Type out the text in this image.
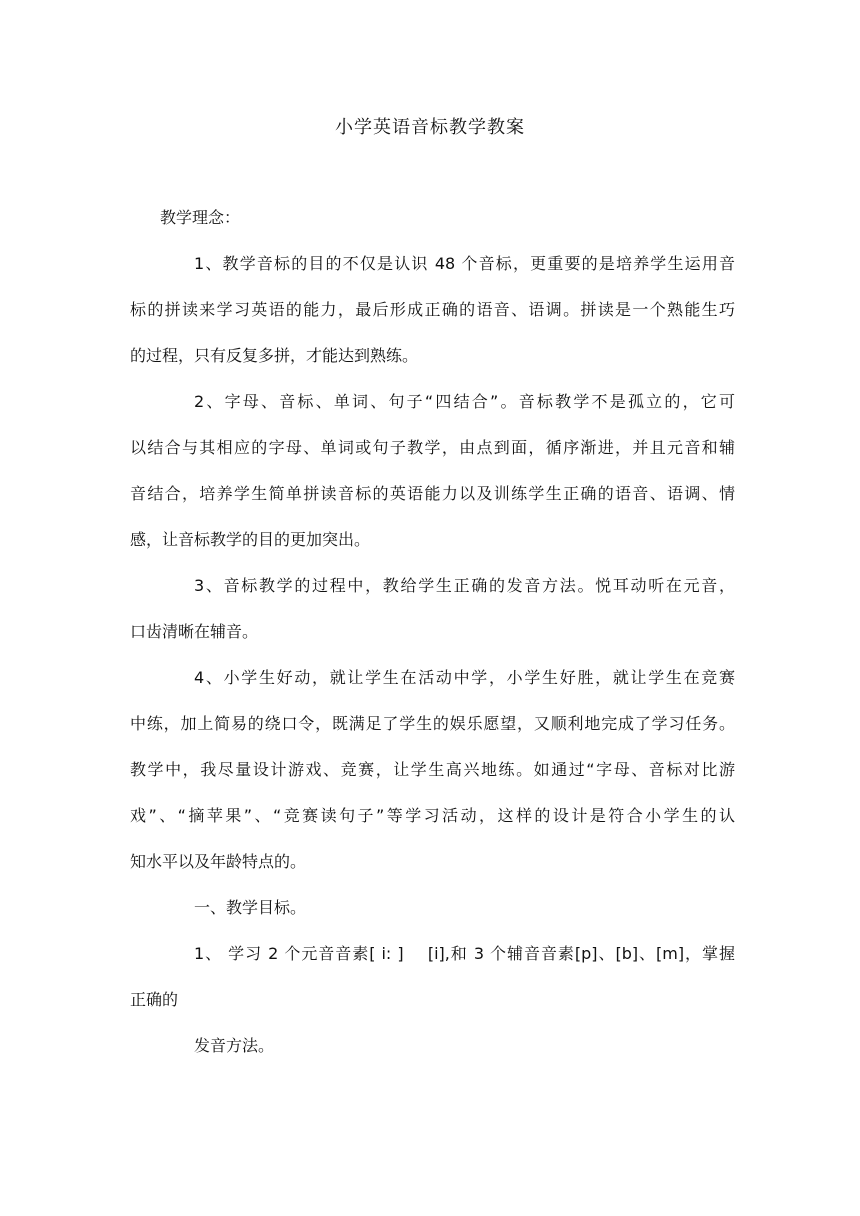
小学英语音标教学教案
教学理念：
1、教学音标的目的不仅是认识 48 个音标，更重要的是培养学生运用音
标的拼读来学习英语的能力，最后形成正确的语音、语调。拼读是一个熟能生巧
的过程，只有反复多拼，才能达到熟练。
2、字母、音标、单词、句子“四结合”。音标教学不是孤立的，它可
以结合与其相应的字母、单词或句子教学，由点到面，循序渐进，并且元音和辅
音结合，培养学生简单拼读音标的英语能力以及训练学生正确的语音、语调、情
感，让音标教学的目的更加突出。
3、音标教学的过程中，教给学生正确的发音方法。悦耳动听在元音，
口齿清晰在辅音。
4、小学生好动，就让学生在活动中学，小学生好胜，就让学生在竞赛
中练，加上简易的绕口令，既满足了学生的娱乐愿望，又顺利地完成了学习任务。
教学中，我尽量设计游戏、竞赛，让学生高兴地练。如通过“字母、音标对比游
戏”、“摘苹果”、“竞赛读句子”等学习活动，这样的设计是符合小学生的认
知水平以及年龄特点的。
一、教学目标。
1、 学习 2 个元音音素[ i: ]    [i],和 3 个辅音音素[p]、[b]、[m]，掌握
正确的
发音方法。
